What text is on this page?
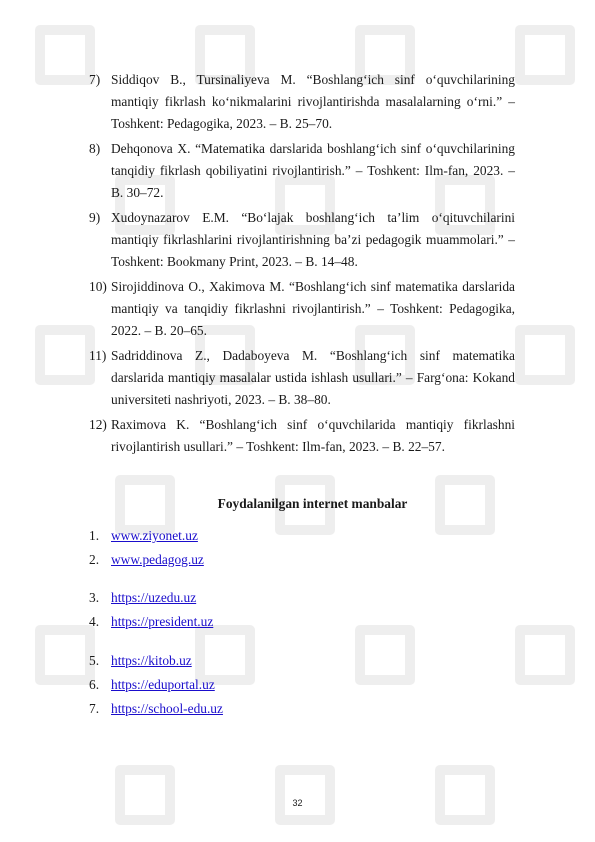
7) Siddiqov B., Tursinaliyeva M. “Boshlang‘ich sinf o‘quvchilarining mantiqiy fikrlash ko‘nikmalarini rivojlantirishda masalalarning o‘rni.” – Toshkent: Pedagogika, 2023. – B. 25–70.
8) Dehqonova X. “Matematika darslarida boshlang‘ich sinf o‘quvchilarining tanqidiy fikrlash qobiliyatini rivojlantirish.” – Toshkent: Ilm-fan, 2023. – B. 30–72.
9) Xudoynazarov E.M. “Bo‘lajak boshlang‘ich ta’lim o‘qituvchilarini mantiqiy fikrlashlarini rivojlantirishning ba’zi pedagogik muammolari.” – Toshkent: Bookmany Print, 2023. – B. 14–48.
10) Sirojiddinova O., Xakimova M. “Boshlang‘ich sinf matematika darslarida mantiqiy va tanqidiy fikrlashni rivojlantirish.” – Toshkent: Pedagogika, 2022. – B. 20–65.
11) Sadriddinova Z., Dadaboyeva M. “Boshlang‘ich sinf matematika darslarida mantiqiy masalalar ustida ishlash usullari.” – Farg‘ona: Kokand universiteti nashriyoti, 2023. – B. 38–80.
12) Raximova K. “Boshlang‘ich sinf o‘quvchilarida mantiqiy fikrlashni rivojlantirish usullari.” – Toshkent: Ilm-fan, 2023. – B. 22–57.
Foydalanilgan internet manbalar
1. www.ziyonet.uz
2. www.pedagog.uz
3. https://uzedu.uz
4. https://president.uz
5. https://kitob.uz
6. https://eduportal.uz
7. https://school-edu.uz
32
